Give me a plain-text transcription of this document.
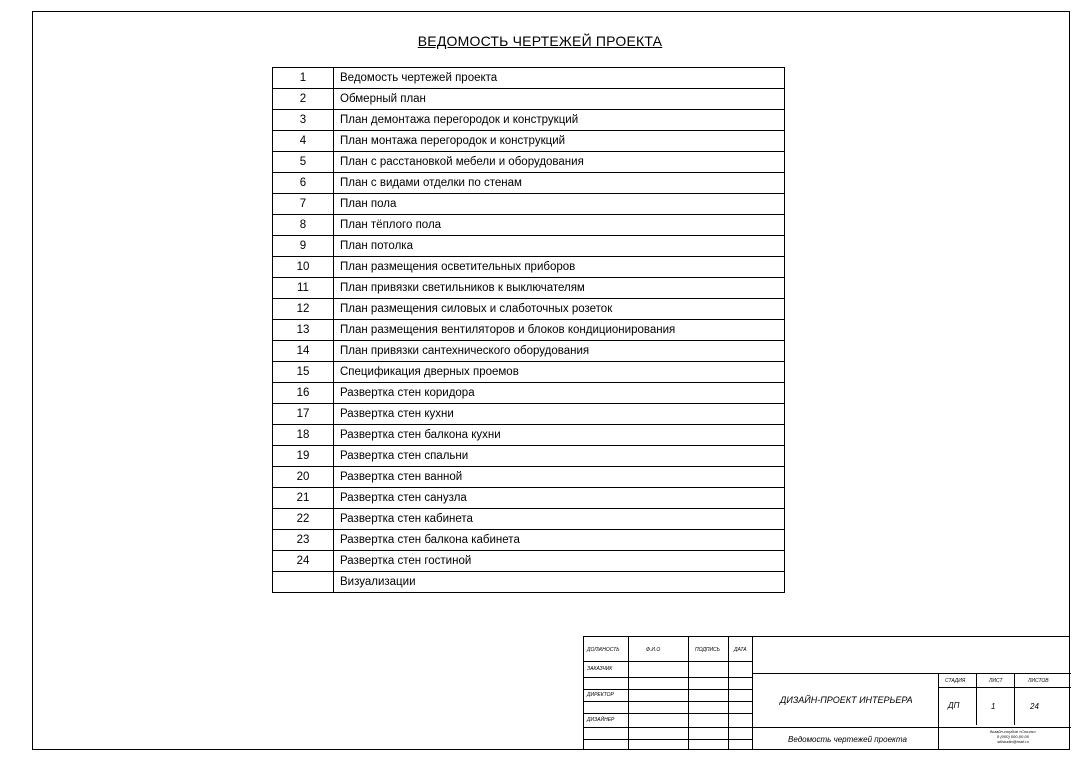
ВЕДОМОСТЬ ЧЕРТЕЖЕЙ ПРОЕКТА
1	Ведомость чертежей проекта
2	Обмерный план
3	План демонтажа перегородок и конструкций
4	План монтажа перегородок и конструкций
5	План с расстановкой мебели и оборудования
6	План с видами отделки по стенам
7	План пола
8	План тёплого пола
9	План потолка
10	План размещения осветительных приборов
11	План привязки светильников к выключателям
12	План размещения силовых и слаботочных розеток
13	План размещения вентиляторов и блоков кондиционирования
14	План привязки сантехнического оборудования
15	Спецификация дверных проемов
16	Развертка стен коридора
17	Развертка стен кухни
18	Развертка стен балкона кухни
19	Развертка стен спальни
20	Развертка стен ванной
21	Развертка стен санузла
22	Развертка стен кабинета
23	Развертка стен балкона кабинета
24	Развертка стен гостиной
	Визуализации
ДОЛЖНОСТЬ	Ф.И.О	ПОДПИСЬ	ДАТА
ЗАКАЗЧИК
ДИРЕКТОР
ДИЗАЙНЕР
ДИЗАЙН-ПРОЕКТ ИНТЕРЬЕРА
Ведомость чертежей проекта
СТАДИЯ	ЛИСТ	ЛИСТОВ
ДП	1	24
дизайн-студия «Стиль»
8 (000) 000-00-00
stilstudio@mail.ru
